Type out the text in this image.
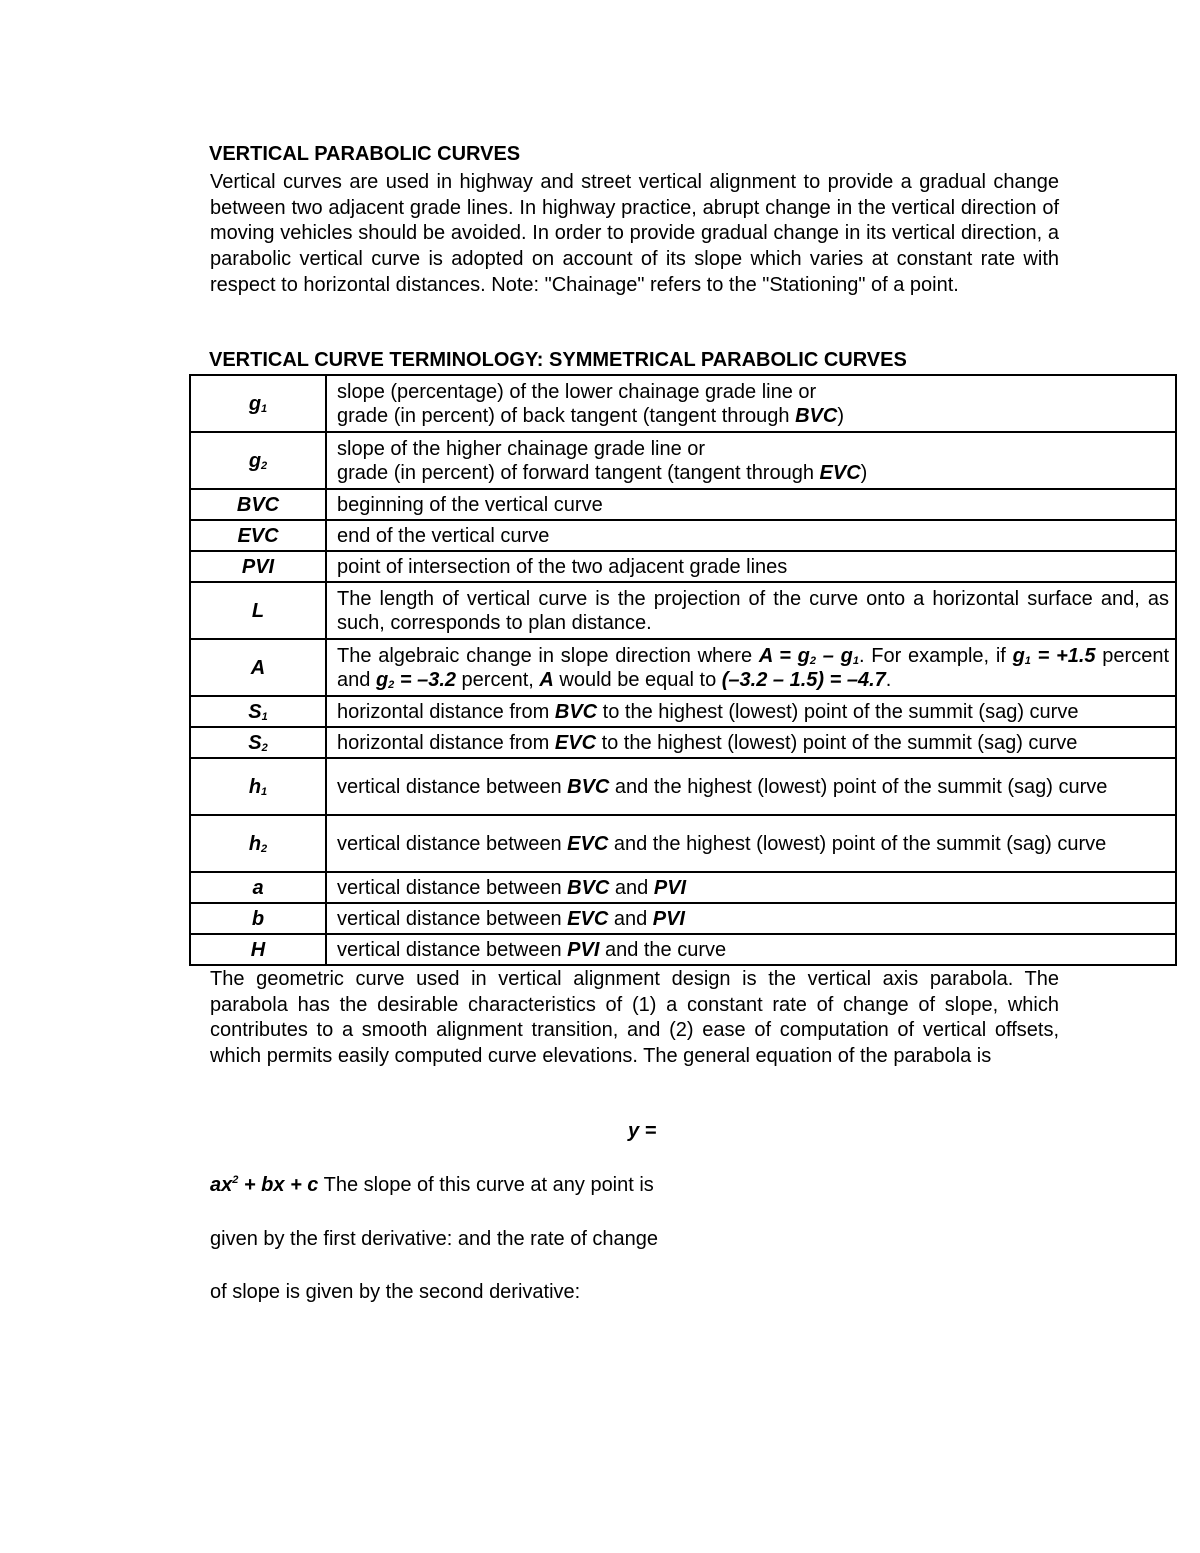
VERTICAL PARABOLIC CURVES
Vertical curves are used in highway and street vertical alignment to provide a gradual change between two adjacent grade lines. In highway practice, abrupt change in the vertical direction of moving vehicles should be avoided. In order to provide gradual change in its vertical direction, a parabolic vertical curve is adopted on account of its slope which varies at constant rate with respect to horizontal distances. Note: "Chainage" refers to the "Stationing" of a point.
VERTICAL CURVE TERMINOLOGY: SYMMETRICAL PARABOLIC CURVES
$g_1$	slope (percentage) of the lower chainage grade line or
grade (in percent) of back tangent (tangent through BVC)
$g_2$	slope of the higher chainage grade line or
grade (in percent) of forward tangent (tangent through EVC)
BVC	beginning of the vertical curve
EVC	end of the vertical curve
PVI	point of intersection of the two adjacent grade lines
L	The length of vertical curve is the projection of the curve onto a horizontal surface and, as such, corresponds to plan distance.
A	The algebraic change in slope direction where $A = g_2 - g_1$. For example, if $g_1 = +1.5$ percent and $g_2 = -3.2$ percent, A would be equal to (–3.2 – 1.5) = –4.7.
$S_1$	horizontal distance from BVC to the highest (lowest) point of the summit (sag) curve
$S_2$	horizontal distance from EVC to the highest (lowest) point of the summit (sag) curve
$h_1$	vertical distance between BVC and the highest (lowest) point of the summit (sag) curve
$h_2$	vertical distance between EVC and the highest (lowest) point of the summit (sag) curve
a	vertical distance between BVC and PVI
b	vertical distance between EVC and PVI
H	vertical distance between PVI and the curve
The geometric curve used in vertical alignment design is the vertical axis parabola. The parabola has the desirable characteristics of (1) a constant rate of change of slope, which contributes to a smooth alignment transition, and (2) ease of computation of vertical offsets, which permits easily computed curve elevations. The general equation of the parabola is
y =
$ax^2$ + bx + c The slope of this curve at any point is
given by the first derivative: and the rate of change
of slope is given by the second derivative:
